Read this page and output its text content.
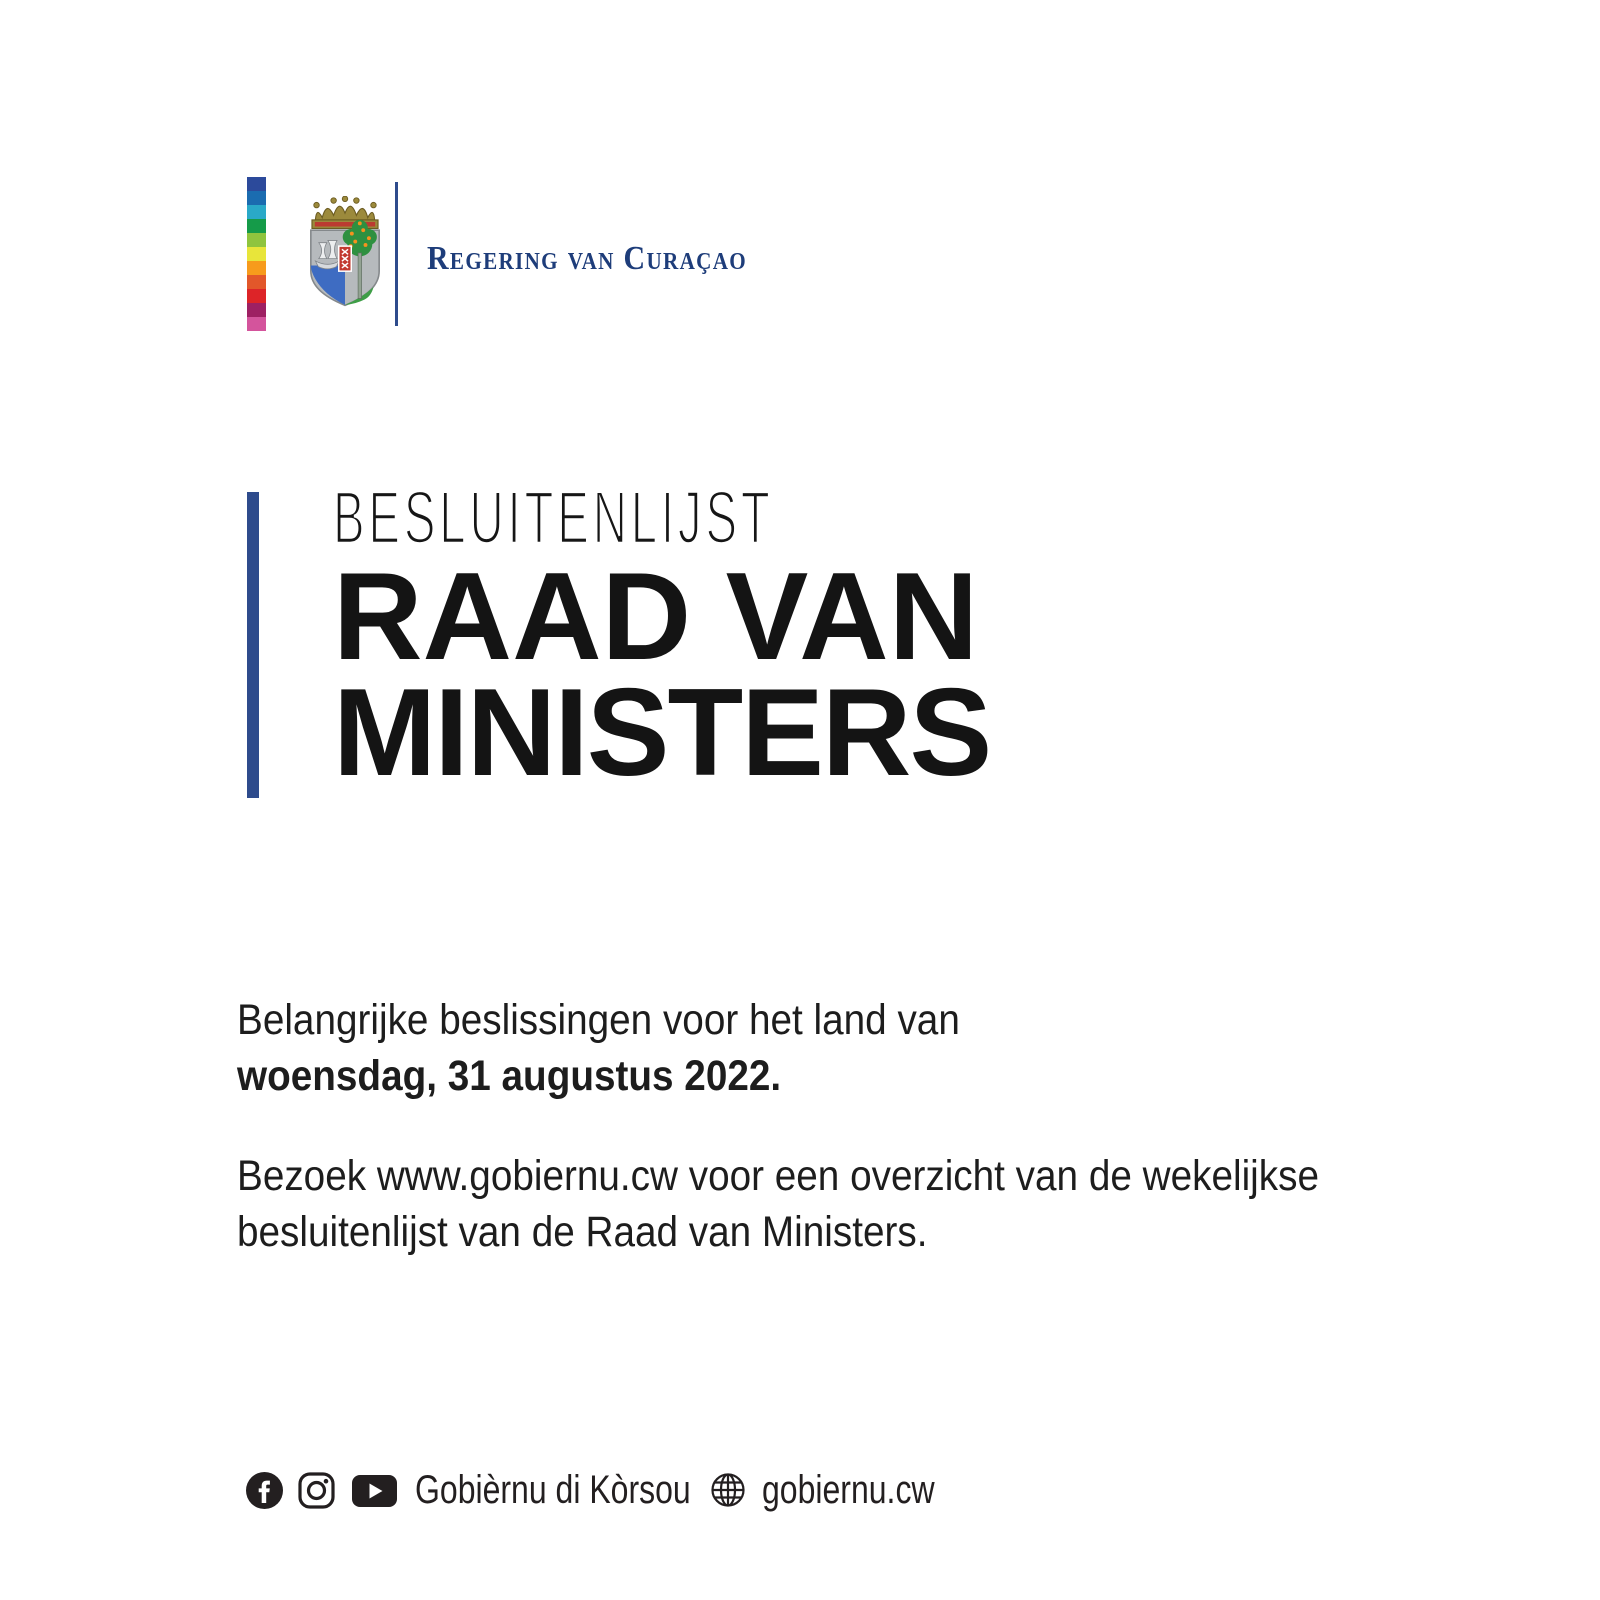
Regering van Curaçao
BESLUITENLIJST
RAAD VAN
MINISTERS
Belangrijke beslissingen voor het land van
woensdag, 31 augustus 2022.
Bezoek www.gobiernu.cw voor een overzicht van de wekelijkse
besluitenlijst van de Raad van Ministers.
Gobièrnu di Kòrsou gobiernu.cw
